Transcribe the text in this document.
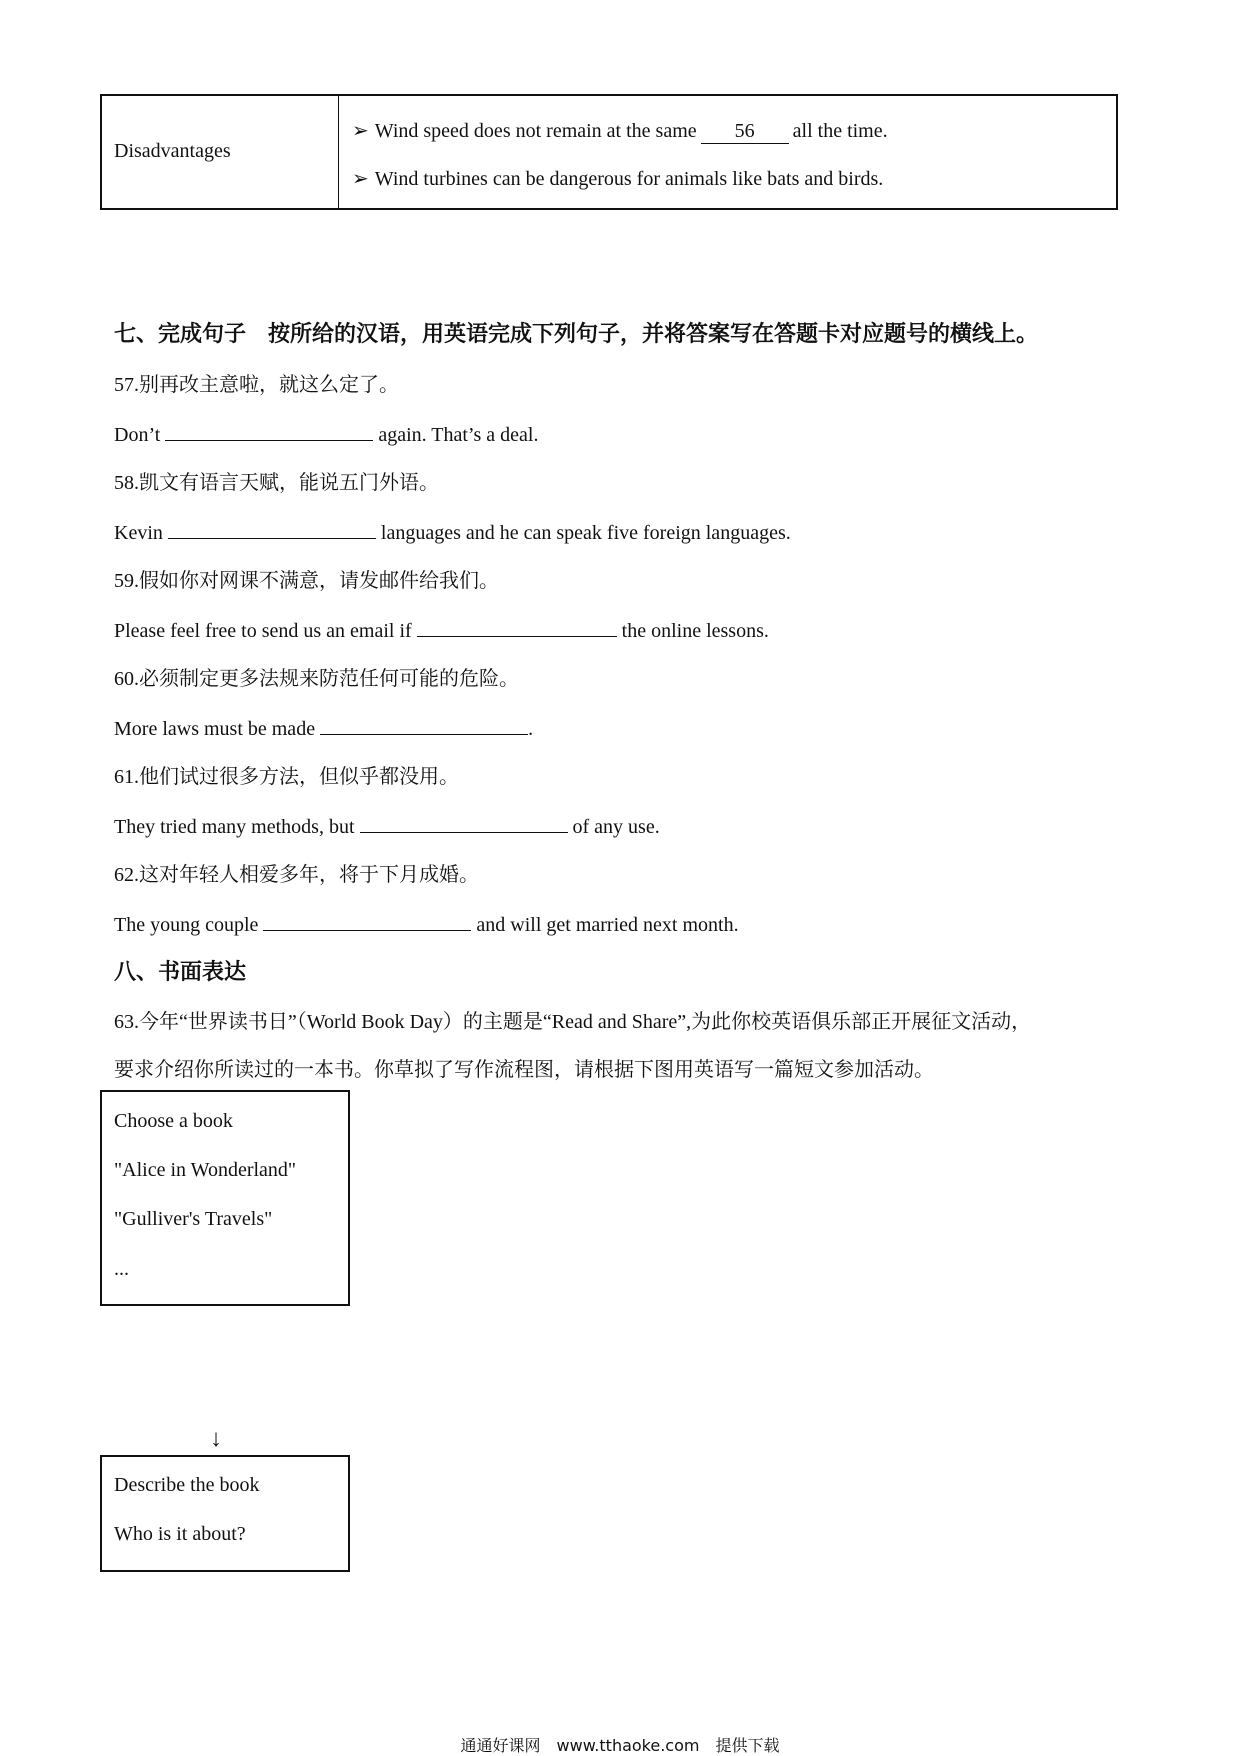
Disadvantages
➢ Wind speed does not remain at the same 56 all the time.
➢ Wind turbines can be dangerous for animals like bats and birds.
七、完成句子　按所给的汉语，用英语完成下列句子，并将答案写在答题卡对应题号的横线上。
57.别再改主意啦，就这么定了。
Don’t	again. That’s a deal.
58.凯文有语言天赋，能说五门外语。
Kevin	languages and he can speak five foreign languages.
59.假如你对网课不满意，请发邮件给我们。
Please feel free to send us an email if	the online lessons.
60.必须制定更多法规来防范任何可能的危险。
More laws must be made	.
61.他们试过很多方法，但似乎都没用。
They tried many methods, but	of any use.
62.这对年轻人相爱多年，将于下月成婚。
The young couple	and will get married next month.
八、书面表达
63.今年“世界读书日”（World Book Day）的主题是“Read and Share”,为此你校英语俱乐部正开展征文活动，
要求介绍你所读过的一本书。你草拟了写作流程图，请根据下图用英语写一篇短文参加活动。
Choose a book
"Alice in Wonderland"
"Gulliver's Travels"
...
↓
Describe the book
Who is it about?
通通好课网　www.tthaoke.com　提供下载
